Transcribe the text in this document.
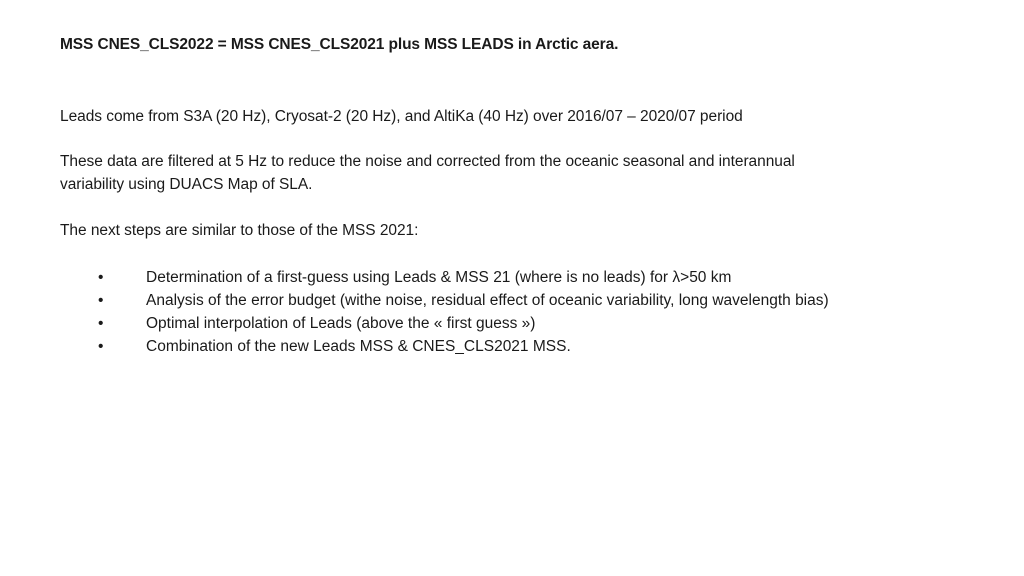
MSS CNES_CLS2022 = MSS CNES_CLS2021 plus MSS LEADS in Arctic aera.
Leads come from S3A (20 Hz), Cryosat-2 (20 Hz), and AltiKa (40 Hz) over 2016/07 – 2020/07 period
These data are filtered at 5 Hz to reduce the noise and corrected from the oceanic seasonal and interannual variability using DUACS Map of SLA.
The next steps are similar to those of the MSS 2021:
•	Determination of a first-guess using Leads & MSS 21 (where is no leads) for λ>50 km
•	Analysis of the error budget (withe noise, residual effect of oceanic variability, long wavelength bias)
•	Optimal interpolation of Leads (above the « first guess »)
•	Combination of the new Leads MSS & CNES_CLS2021 MSS.
